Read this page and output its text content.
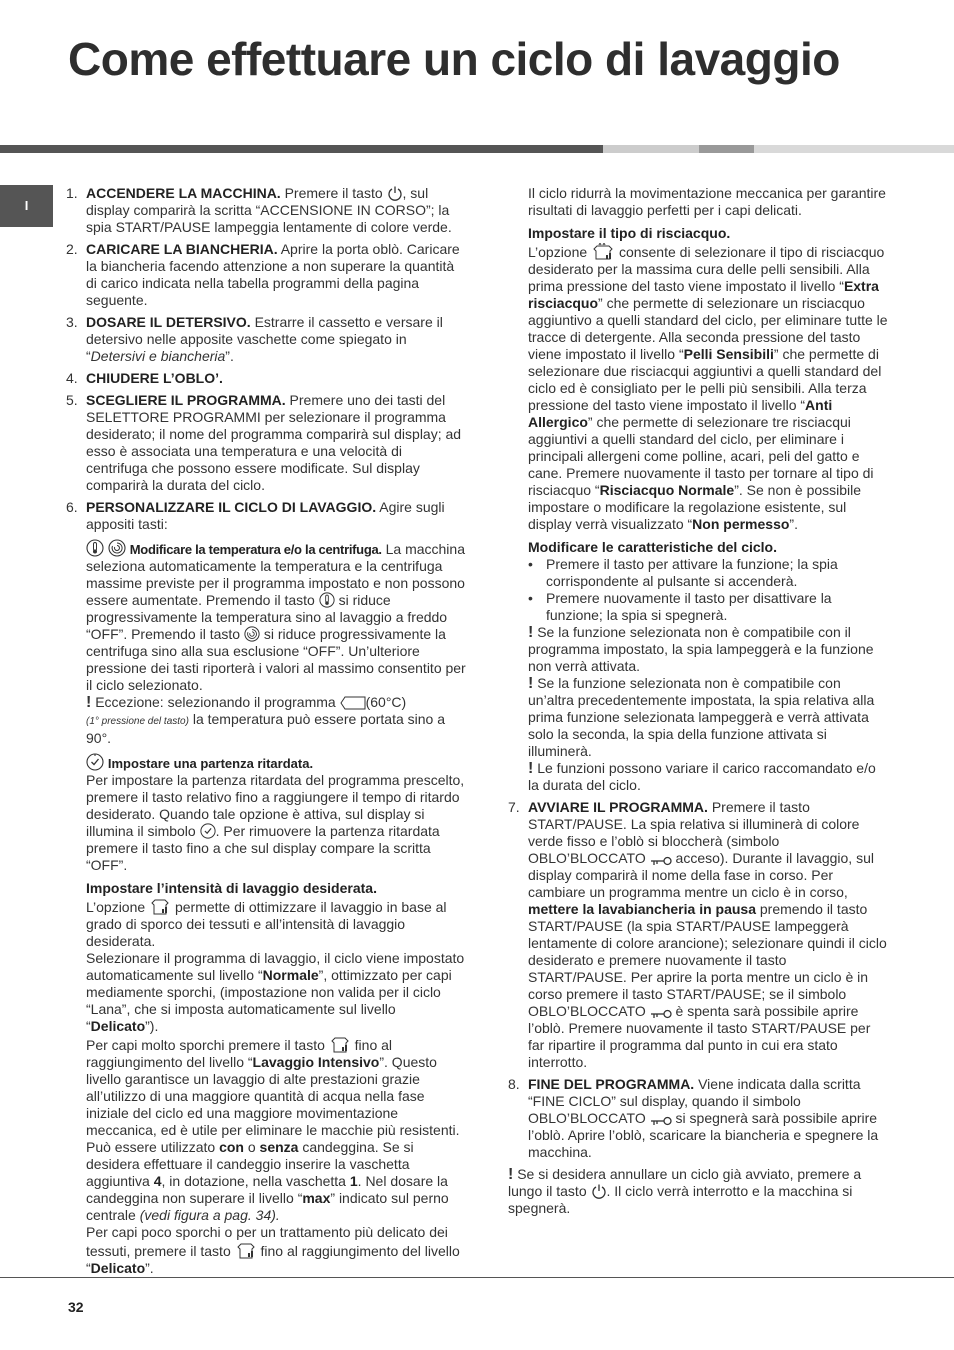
Come effettuare un ciclo di lavaggio
I
1. ACCENDERE LA MACCHINA. Premere il tasto , sul display comparirà la scritta “ACCENSIONE IN CORSO”; la spia START/PAUSE lampeggia lentamente di colore verde.
2. CARICARE LA BIANCHERIA. Aprire la porta oblò. Caricare la biancheria facendo attenzione a non superare la quantità di carico indicata nella tabella programmi della pagina seguente.
3. DOSARE IL DETERSIVO. Estrarre il cassetto e versare il detersivo nelle apposite vaschette come spiegato in “Detersivi e biancheria”.
4. CHIUDERE L’OBLO’.
5. SCEGLIERE IL PROGRAMMA. Premere uno dei tasti del SELETTORE PROGRAMMI per selezionare il programma desiderato; il nome del programma comparirà sul display; ad esso è associata una temperatura e una velocità di centrifuga che possono essere modificate. Sul display comparirà la durata del ciclo.
6. PERSONALIZZARE IL CICLO DI LAVAGGIO. Agire sugli appositi tasti:
Modificare la temperatura e/o la centrifuga. La macchina seleziona automaticamente la temperatura e la centrifuga massime previste per il programma impostato e non possono essere aumentate. Premendo il tasto si riduce progressivamente la temperatura sino al lavaggio a freddo “OFF”. Premendo il tasto si riduce progressivamente la centrifuga sino alla sua esclusione “OFF”. Un’ulteriore pressione dei tasti riporterà i valori al massimo consentito per il ciclo selezionato.
! Eccezione: selezionando il programma (60°C)
(1° pressione del tasto) la temperatura può essere portata sino a 90°.
Impostare una partenza ritardata.
Per impostare la partenza ritardata del programma prescelto, premere il tasto relativo fino a raggiungere il tempo di ritardo desiderato. Quando tale opzione è attiva, sul display si illumina il simbolo . Per rimuovere la partenza ritardata premere il tasto fino a che sul display compare la scritta “OFF”.
Impostare l’intensità di lavaggio desiderata.
L’opzione permette di ottimizzare il lavaggio in base al grado di sporco dei tessuti e all’intensità di lavaggio desiderata.
Selezionare il programma di lavaggio, il ciclo viene impostato automaticamente sul livello “Normale”, ottimizzato per capi mediamente sporchi, (impostazione non valida per il ciclo “Lana”, che si imposta automaticamente sul livello “Delicato”).
Per capi molto sporchi premere il tasto fino al raggiungimento del livello “Lavaggio Intensivo”. Questo livello garantisce un lavaggio di alte prestazioni grazie all’utilizzo di una maggiore quantità di acqua nella fase iniziale del ciclo ed una maggiore movimentazione meccanica, ed è utile per eliminare le macchie più resistenti. Può essere utilizzato con o senza candeggina. Se si desidera effettuare il candeggio inserire la vaschetta aggiuntiva 4, in dotazione, nella vaschetta 1. Nel dosare la candeggina non superare il livello “max” indicato sul perno centrale (vedi figura a pag. 34).
Per capi poco sporchi o per un trattamento più delicato dei tessuti, premere il tasto fino al raggiungimento del livello “Delicato”.

Il ciclo ridurrà la movimentazione meccanica per garantire risultati di lavaggio perfetti per i capi delicati.

Impostare il tipo di risciacquo.
L’opzione consente di selezionare il tipo di risciacquo desiderato per la massima cura delle pelli sensibili. Alla prima pressione del tasto viene impostato il livello “Extra risciacquo” che permette di selezionare un risciacquo aggiuntivo a quelli standard del ciclo, per eliminare tutte le tracce di detergente. Alla seconda pressione del tasto viene impostato il livello “Pelli Sensibili” che permette di selezionare due risciacqui aggiuntivi a quelli standard del ciclo ed è consigliato per le pelli più sensibili. Alla terza pressione del tasto viene impostato il livello “Anti Allergico” che permette di selezionare tre risciacqui aggiuntivi a quelli standard del ciclo, per eliminare i principali allergeni come polline, acari, peli del gatto e cane. Premere nuovamente il tasto per tornare al tipo di risciacquo “Risciacquo Normale”. Se non è possibile impostare o modificare la regolazione esistente, sul display verrà visualizzato “Non permesso”.
Modificare le caratteristiche del ciclo.
• Premere il tasto per attivare la funzione; la spia corrispondente al pulsante si accenderà.
• Premere nuovamente il tasto per disattivare la funzione; la spia si spegnerà.
! Se la funzione selezionata non è compatibile con il programma impostato, la spia lampeggerà e la funzione non verrà attivata.
! Se la funzione selezionata non è compatibile con un’altra precedentemente impostata, la spia relativa alla prima funzione selezionata lampeggerà e verrà attivata solo la seconda, la spia della funzione attivata si illuminerà.
! Le funzioni possono variare il carico raccomandato e/o la durata del ciclo.
7. AVVIARE IL PROGRAMMA. Premere il tasto START/PAUSE. La spia relativa si illuminerà di colore verde fisso e l’oblò si bloccherà (simbolo OBLO’BLOCCATO acceso). Durante il lavaggio, sul display comparirà il nome della fase in corso. Per cambiare un programma mentre un ciclo è in corso, mettere la lavabiancheria in pausa premendo il tasto START/PAUSE (la spia START/PAUSE lampeggerà lentamente di colore arancione); selezionare quindi il ciclo desiderato e premere nuovamente il tasto START/PAUSE. Per aprire la porta mentre un ciclo è in corso premere il tasto START/PAUSE; se il simbolo OBLO’BLOCCATO è spenta sarà possibile aprire l’oblò. Premere nuovamente il tasto START/PAUSE per far ripartire il programma dal punto in cui era stato interrotto.
8. FINE DEL PROGRAMMA. Viene indicata dalla scritta “FINE CICLO” sul display, quando il simbolo OBLO’BLOCCATO si spegnerà sarà possibile aprire l’oblò. Aprire l’oblò, scaricare la biancheria e spegnere la macchina.
! Se si desidera annullare un ciclo già avviato, premere a lungo il tasto . Il ciclo verrà interrotto e la macchina si spegnerà.
32
